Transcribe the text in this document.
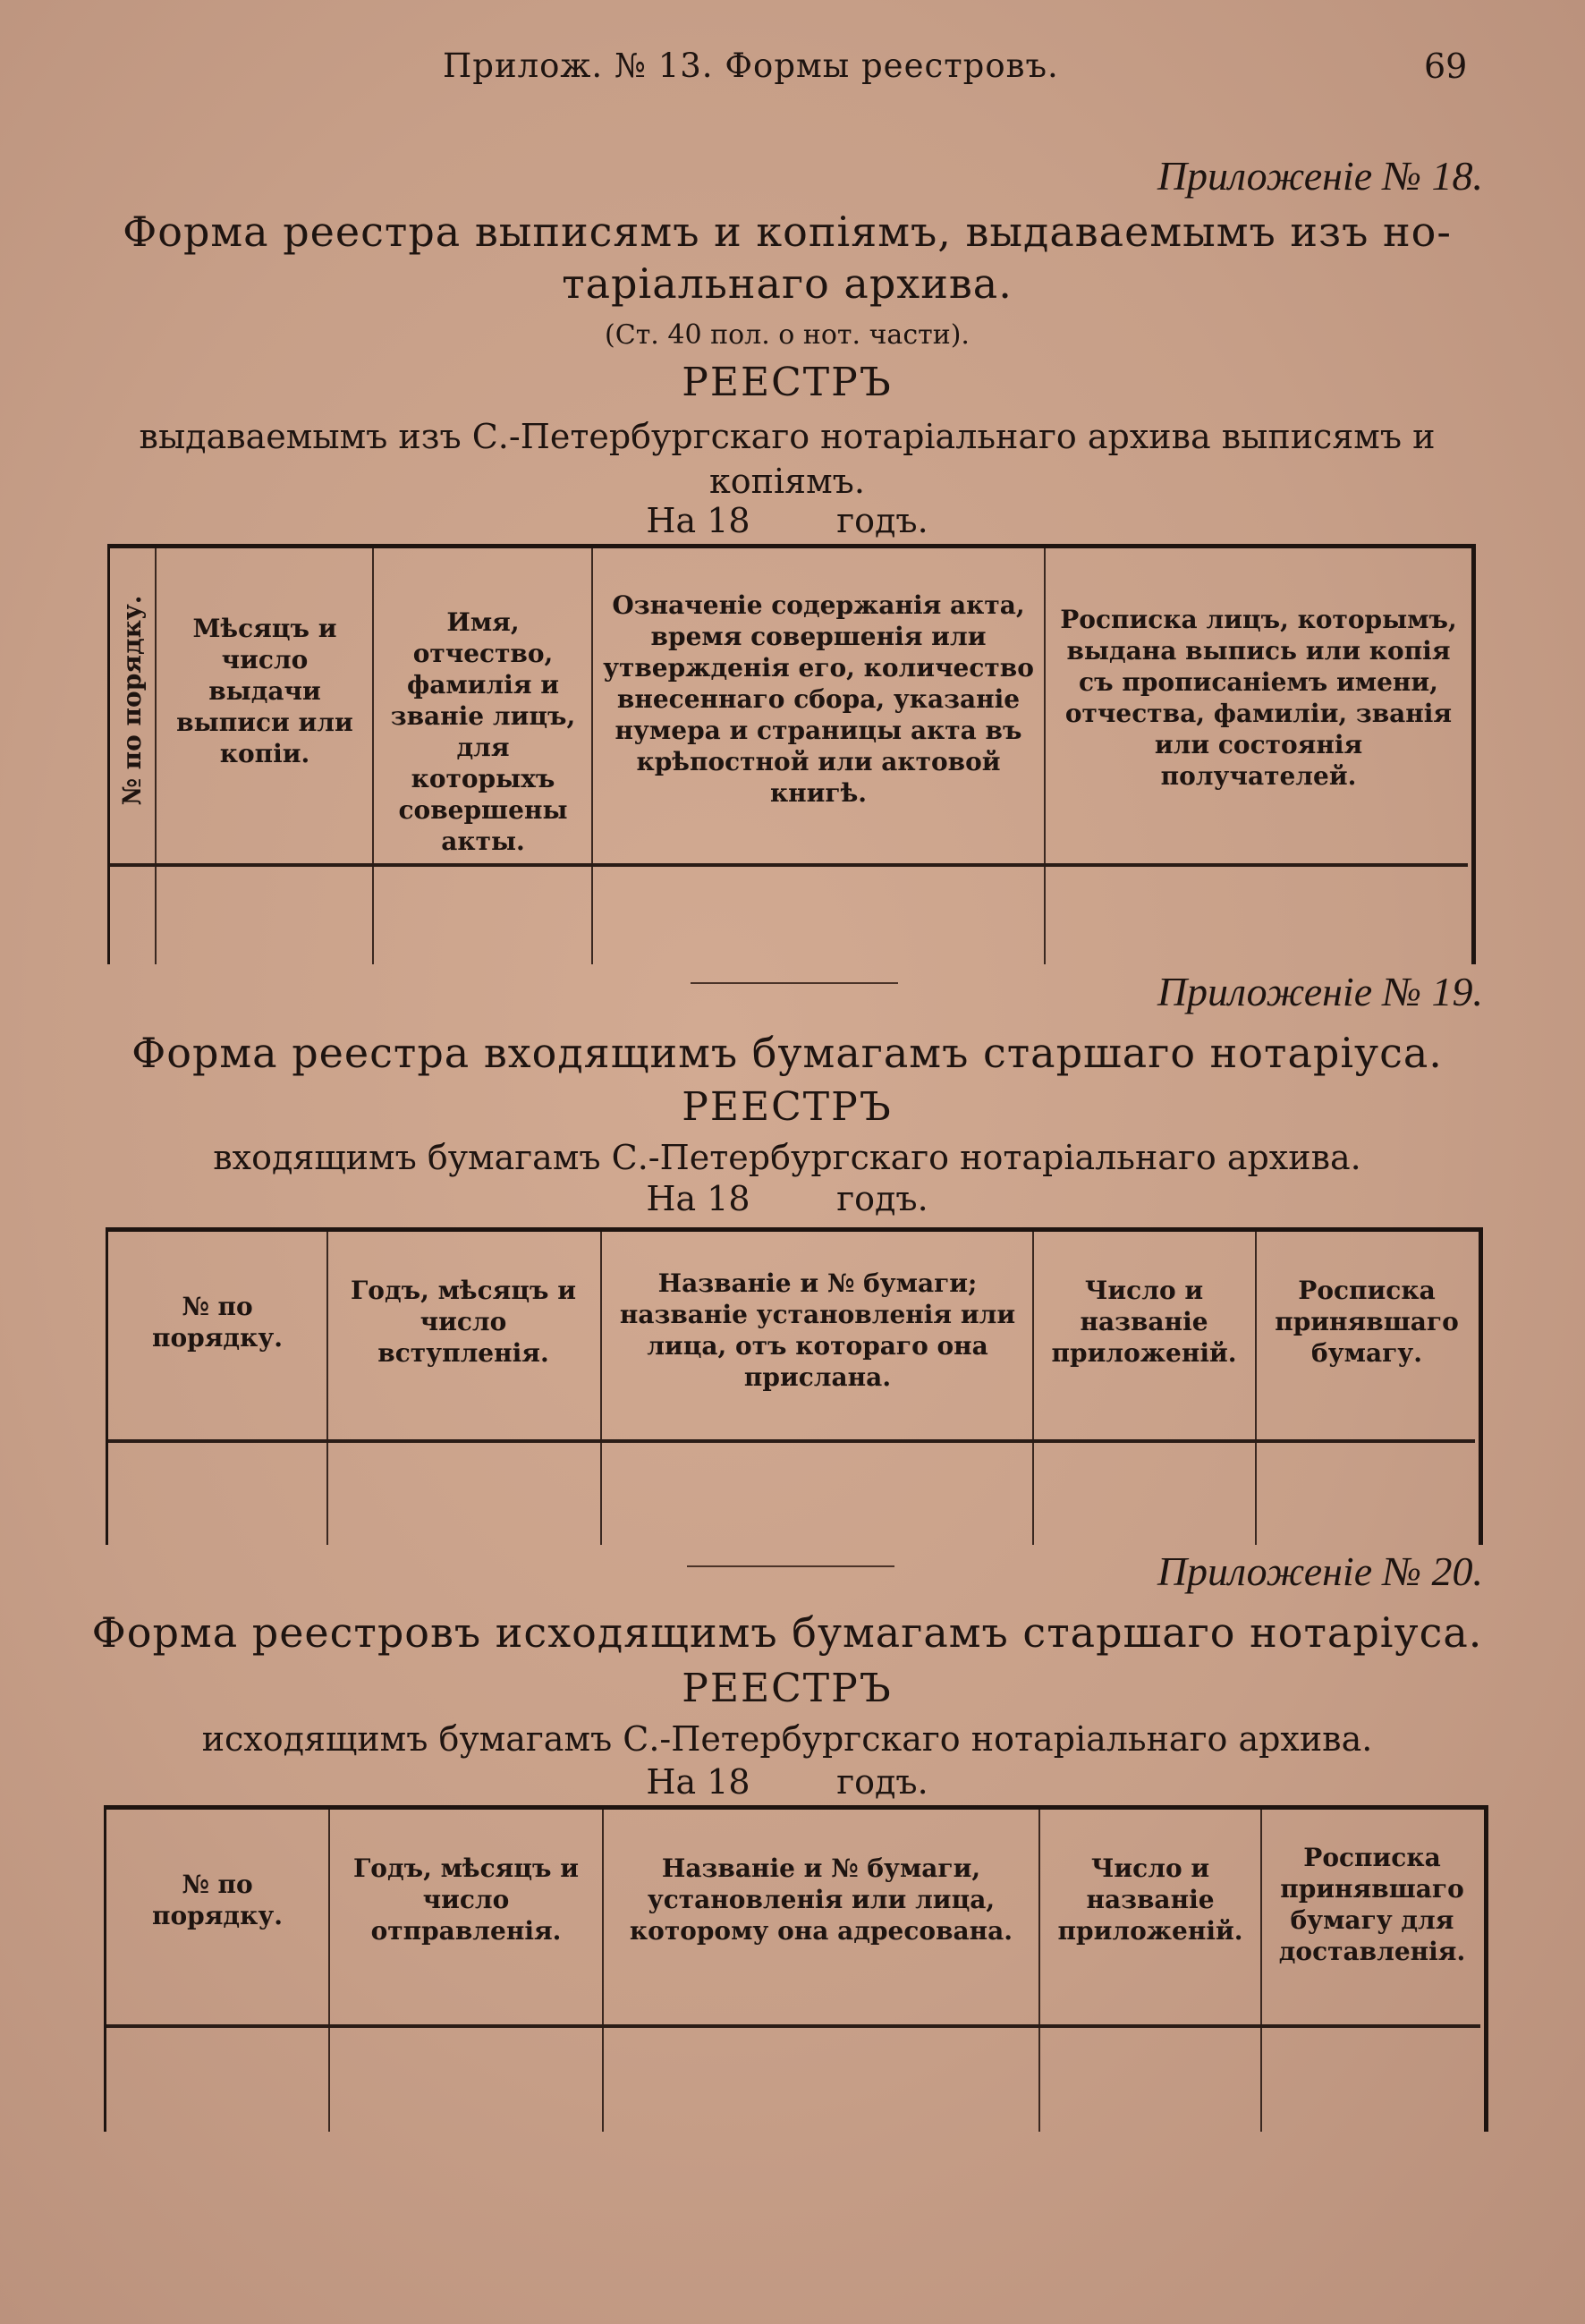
Прилож. № 13. Формы реестровъ.	69
Приложеніе № 18.
Форма реестра выписямъ и копіямъ, выдаваемымъ изъ но-
таріальнаго архива.
(Ст. 40 пол. о нот. части).
РЕЕСТРЪ
выдаваемымъ изъ С.-Петербургскаго нотаріальнаго архива выписямъ и
копіямъ.
На 18        годъ.
№ по порядку.	Мѣсяцъ и число выдачи выписи или копіи.
Имя, отчество, фамилія и званіе лицъ, для которыхъ совершены акты.
Означеніе содержанія акта, время совершенія или утвержденія его, количество внесеннаго сбора, указаніе нумера и страницы акта въ крѣпостной или актовой книгѣ.
Росписка лицъ, которымъ, выдана выпись или копія съ прописаніемъ имени, отчества, фамиліи, званія или состоянія получателей.
Приложеніе № 19.
Форма реестра входящимъ бумагамъ старшаго нотаріуса.
РЕЕСТРЪ
входящимъ бумагамъ С.-Петербургскаго нотаріальнаго архива.
На 18        годъ.
№ по порядку.
Годъ, мѣсяцъ и число вступленія.
Названіе и № бумаги; названіе установленія или лица, отъ котораго она прислана.
Число и названіе приложеній.
Росписка принявшаго бумагу.
Приложеніе № 20.
Форма реестровъ исходящимъ бумагамъ старшаго нотаріуса.
РЕЕСТРЪ
исходящимъ бумагамъ С.-Петербургскаго нотаріальнаго архива.
На 18        годъ.
№ по порядку.
Годъ, мѣсяцъ и число отправленія.
Названіе и № бумаги, установленія или лица, которому она адресована.
Число и названіе приложеній.
Росписка принявшаго бумагу для доставленія.
